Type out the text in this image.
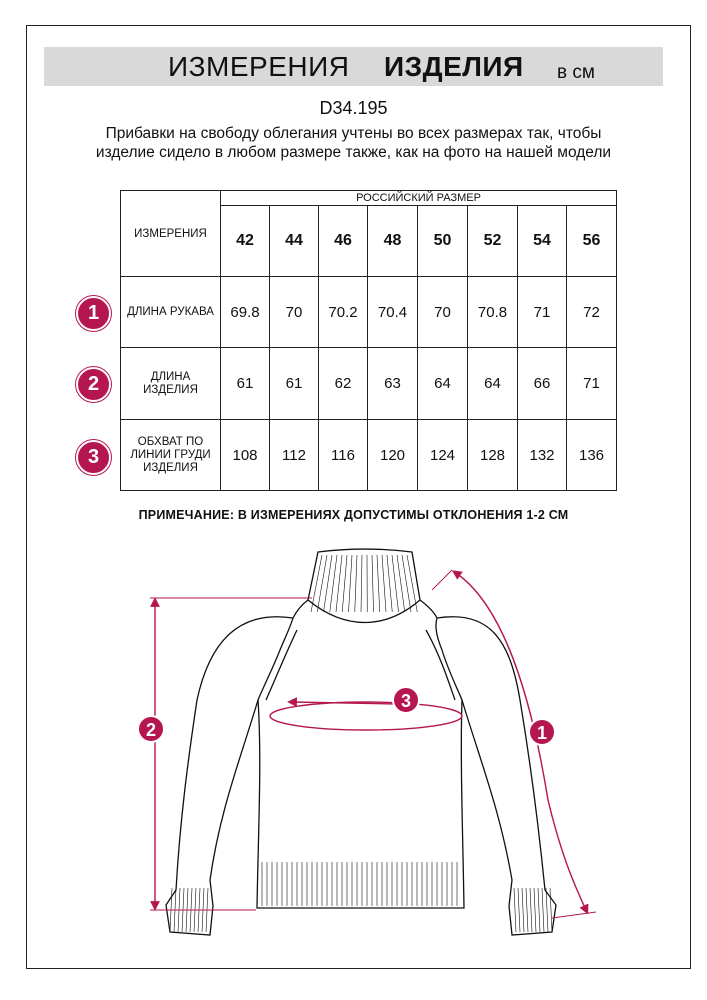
ИЗМЕРЕНИЯ ИЗДЕЛИЯ в см
D34.195
Прибавки на свободу облегания учтены во всех размерах так, чтобы изделие сидело в любом размере также, как на фото на нашей модели
ИЗМЕРЕНИЯ	РОССИЙСКИЙ РАЗМЕР							
	42	44	46	48	50	52	54	56

ДЛИНА РУКАВА	69.8	70	70.2	70.4	70	70.8	71	72

ДЛИНА
ИЗДЕЛИЯ	61	61	62	63	64	64	66	71

ОБХВАТ ПО
ЛИНИИ ГРУДИ
ИЗДЕЛИЯ	108	112	116	120	124	128	132	136
1
2
3
ПРИМЕЧАНИЕ: В ИЗМЕРЕНИЯХ ДОПУСТИМЫ ОТКЛОНЕНИЯ 1-2 СМ
2
3
1
